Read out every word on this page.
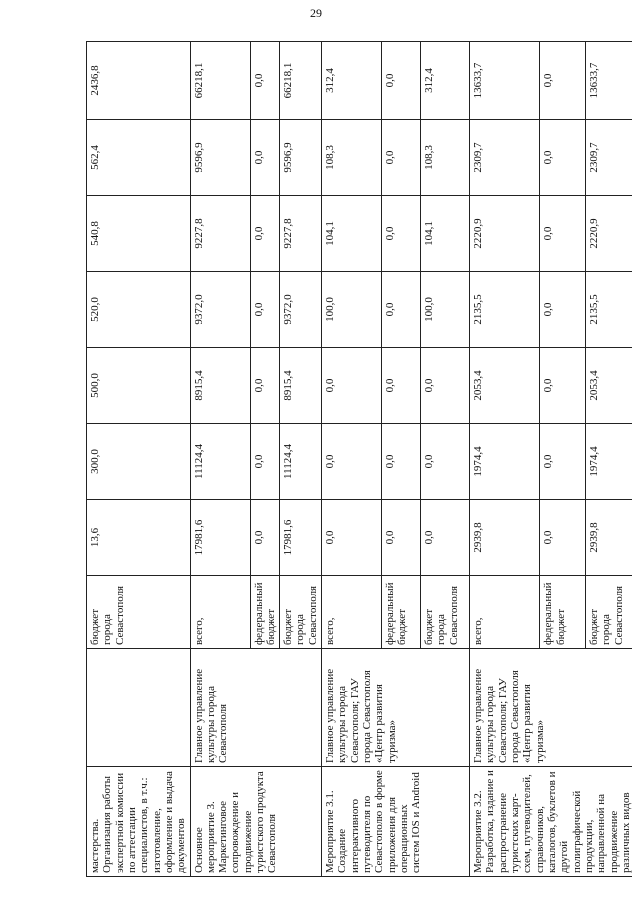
29
мастерства. Организация работы экспертной комиссии по аттестации специалистов, в т.ч.: изготовление, оформление и выдача документов		бюджет города Севастополя	13,6	300,0	500,0	520,0	540,8	562,4	2436,8
Основное мероприятие 3. Маркетинговое сопровождение и продвижение туристского продукта Севастополя	Главное управление культуры города Севастополя	всего,	17981,6	11124,4	8915,4	9372,0	9227,8	9596,9	66218,1
		федеральный бюджет	0,0	0,0	0,0	0,0	0,0	0,0	0,0
		бюджет города Севастополя	17981,6	11124,4	8915,4	9372,0	9227,8	9596,9	66218,1
Мероприятие 3.1. Создание интерактивного путеводителя по Севастополю в форме приложения для операционных систем IOS и Android	Главное управление культуры города Севастополя; ГАУ города Севастополя «Центр развития туризма»	всего,	0,0	0,0	0,0	100,0	104,1	108,3	312,4
		федеральный бюджет	0,0	0,0	0,0	0,0	0,0	0,0	0,0
		бюджет города Севастополя	0,0	0,0	0,0	100,0	104,1	108,3	312,4
Мероприятие 3.2. Разработка, издание и распространение туристских карт-схем, путеводителей, справочников, каталогов, буклетов и другой полиграфической продукции, направленной на продвижение различных видов	Главное управление культуры города Севастополя; ГАУ города Севастополя «Центр развития туризма»	всего,	2939,8	1974,4	2053,4	2135,5	2220,9	2309,7	13633,7
		федеральный бюджет	0,0	0,0	0,0	0,0	0,0	0,0	0,0
		бюджет города Севастополя	2939,8	1974,4	2053,4	2135,5	2220,9	2309,7	13633,7
